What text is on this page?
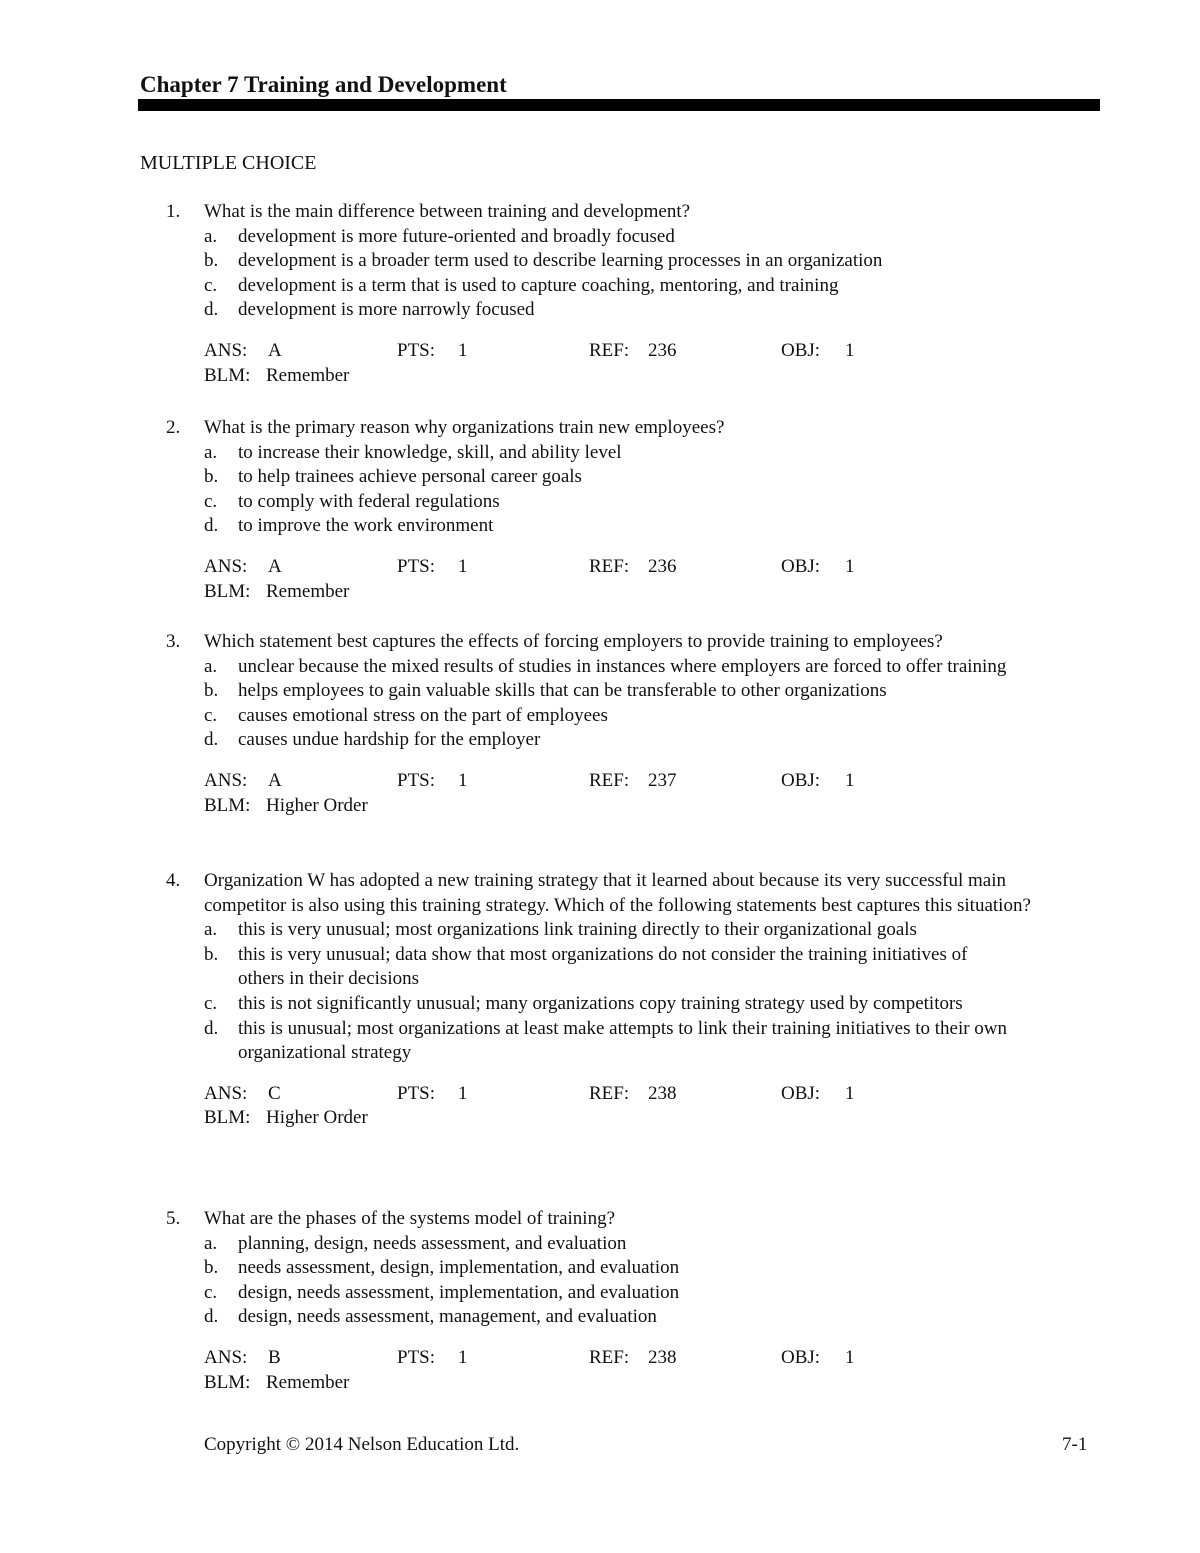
Chapter 7 Training and Development
MULTIPLE CHOICE
1.	What is the main difference between training and development?
a.	development is more future-oriented and broadly focused
b.	development is a broader term used to describe learning processes in an organization
c.	development is a term that is used to capture coaching, mentoring, and training
d.	development is more narrowly focused
ANS: A	PTS: 1	REF: 236	OBJ: 1
BLM: Remember
2.	What is the primary reason why organizations train new employees?
a.	to increase their knowledge, skill, and ability level
b.	to help trainees achieve personal career goals
c.	to comply with federal regulations
d.	to improve the work environment
ANS: A	PTS: 1	REF: 236	OBJ: 1
BLM: Remember
3.	Which statement best captures the effects of forcing employers to provide training to employees?
a.	unclear because the mixed results of studies in instances where employers are forced to offer training
b.	helps employees to gain valuable skills that can be transferable to other organizations
c.	causes emotional stress on the part of employees
d.	causes undue hardship for the employer
ANS: A	PTS: 1	REF: 237	OBJ: 1
BLM: Higher Order
4.	Organization W has adopted a new training strategy that it learned about because its very successful main competitor is also using this training strategy. Which of the following statements best captures this situation?
a.	this is very unusual; most organizations link training directly to their organizational goals
b.	this is very unusual; data show that most organizations do not consider the training initiatives of others in their decisions
c.	this is not significantly unusual; many organizations copy training strategy used by competitors
d.	this is unusual; most organizations at least make attempts to link their training initiatives to their own organizational strategy
ANS: C	PTS: 1	REF: 238	OBJ: 1
BLM: Higher Order
5.	What are the phases of the systems model of training?
a.	planning, design, needs assessment, and evaluation
b.	needs assessment, design, implementation, and evaluation
c.	design, needs assessment, implementation, and evaluation
d.	design, needs assessment, management, and evaluation
ANS: B	PTS: 1	REF: 238	OBJ: 1
BLM: Remember
Copyright © 2014 Nelson Education Ltd.	7-1
